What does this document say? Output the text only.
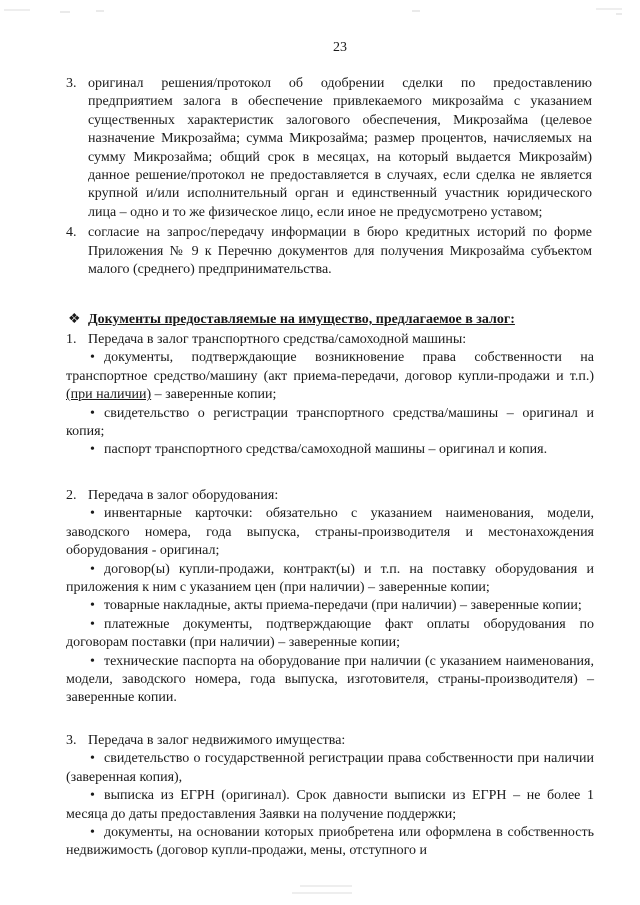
23
3. оригинал решения/протокол об одобрении сделки по предоставлению предприятием залога в обеспечение привлекаемого микрозайма с указанием существенных характеристик залогового обеспечения, Микрозайма (целевое назначение Микрозайма; сумма Микрозайма; размер процентов, начисляемых на сумму Микрозайма; общий срок в месяцах, на который выдается Микрозайм) данное решение/протокол не предоставляется в случаях, если сделка не является крупной и/или исполнительный орган и единственный участник юридического лица – одно и то же физическое лицо, если иное не предусмотрено уставом;
4. согласие на запрос/передачу информации в бюро кредитных историй по форме Приложения № 9 к Перечню документов для получения Микрозайма субъектом малого (среднего) предпринимательства.
❖ Документы предоставляемые на имущество, предлагаемое в залог:
1. Передача в залог транспортного средства/самоходной машины:
• документы, подтверждающие возникновение права собственности на транспортное средство/машину (акт приема-передачи, договор купли-продажи и т.п.) (при наличии) – заверенные копии;
• свидетельство о регистрации транспортного средства/машины – оригинал и копия;
• паспорт транспортного средства/самоходной машины – оригинал и копия.
2. Передача в залог оборудования:
• инвентарные карточки: обязательно с указанием наименования, модели, заводского номера, года выпуска, страны-производителя и местонахождения оборудования - оригинал;
• договор(ы) купли-продажи, контракт(ы) и т.п. на поставку оборудования и приложения к ним с указанием цен (при наличии) – заверенные копии;
• товарные накладные, акты приема-передачи (при наличии) – заверенные копии;
• платежные документы, подтверждающие факт оплаты оборудования по договорам поставки (при наличии) – заверенные копии;
• технические паспорта на оборудование при наличии (с указанием наименования, модели, заводского номера, года выпуска, изготовителя, страны-производителя) – заверенные копии.
3. Передача в залог недвижимого имущества:
• свидетельство о государственной регистрации права собственности при наличии (заверенная копия),
• выписка из ЕГРН (оригинал). Срок давности выписки из ЕГРН – не более 1 месяца до даты предоставления Заявки на получение поддержки;
• документы, на основании которых приобретена или оформлена в собственность недвижимость (договор купли-продажи, мены, отступного и
